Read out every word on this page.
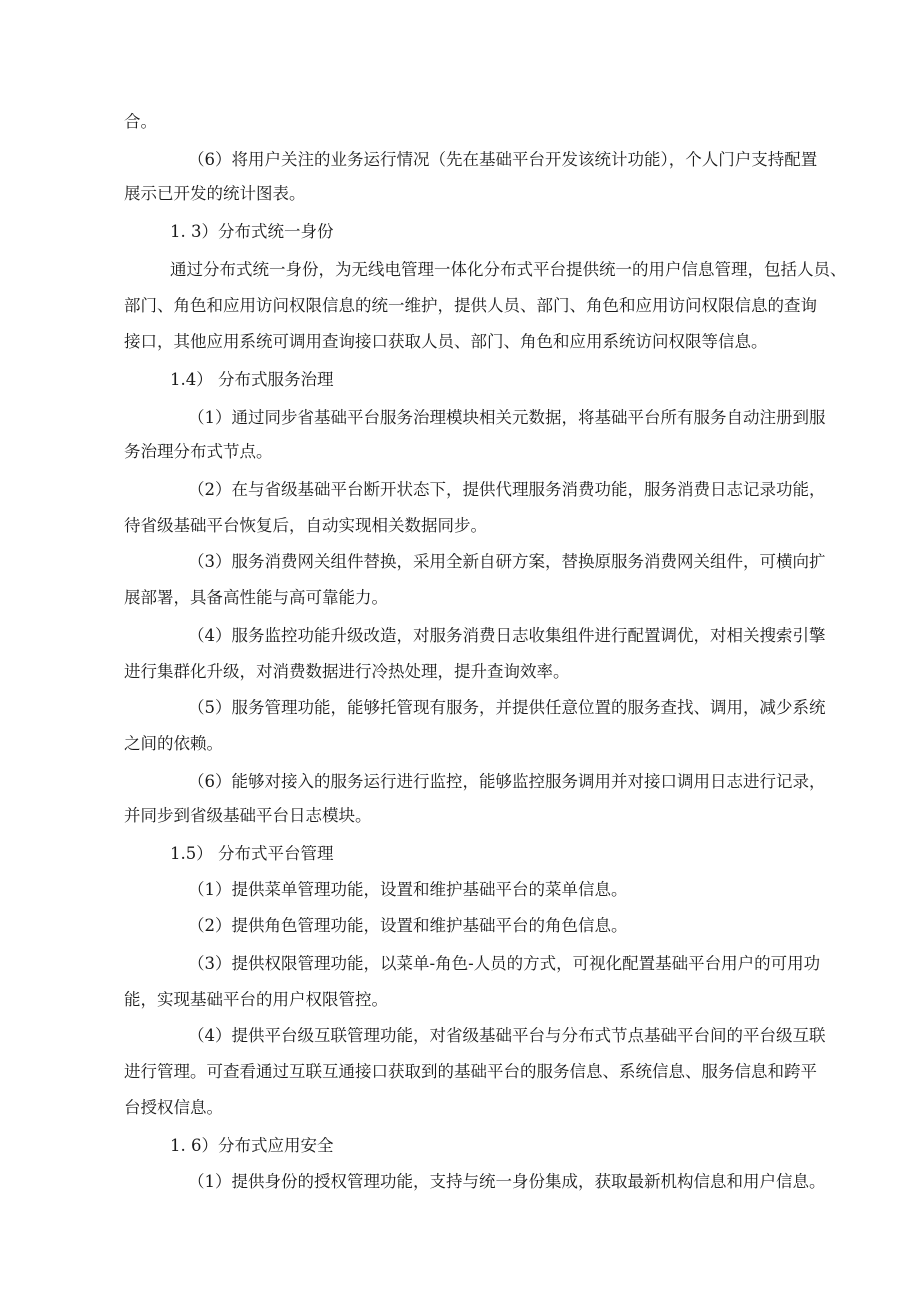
合。

（6）将用户关注的业务运行情况（先在基础平台开发该统计功能），个人门户支持配置

展示已开发的统计图表。

1. 3）分布式统一身份

通过分布式统一身份，为无线电管理一体化分布式平台提供统一的用户信息管理，包括人员、

部门、角色和应用访问权限信息的统一维护，提供人员、部门、角色和应用访问权限信息的查询

接口，其他应用系统可调用查询接口获取人员、部门、角色和应用系统访问权限等信息。

1.4） 分布式服务治理

（1）通过同步省基础平台服务治理模块相关元数据，将基础平台所有服务自动注册到服

务治理分布式节点。

（2）在与省级基础平台断开状态下，提供代理服务消费功能，服务消费日志记录功能，

待省级基础平台恢复后，自动实现相关数据同步。

（3）服务消费网关组件替换，采用全新自研方案，替换原服务消费网关组件，可横向扩

展部署，具备高性能与高可靠能力。

（4）服务监控功能升级改造，对服务消费日志收集组件进行配置调优，对相关搜索引擎

进行集群化升级，对消费数据进行冷热处理，提升查询效率。

（5）服务管理功能，能够托管现有服务，并提供任意位置的服务查找、调用，减少系统

之间的依赖。

（6）能够对接入的服务运行进行监控，能够监控服务调用并对接口调用日志进行记录，

并同步到省级基础平台日志模块。

1.5） 分布式平台管理

（1）提供菜单管理功能，设置和维护基础平台的菜单信息。

（2）提供角色管理功能，设置和维护基础平台的角色信息。

（3）提供权限管理功能，以菜单-角色-人员的方式，可视化配置基础平台用户的可用功

能，实现基础平台的用户权限管控。

（4）提供平台级互联管理功能，对省级基础平台与分布式节点基础平台间的平台级互联

进行管理。可查看通过互联互通接口获取到的基础平台的服务信息、系统信息、服务信息和跨平

台授权信息。

1. 6）分布式应用安全

（1）提供身份的授权管理功能，支持与统一身份集成，获取最新机构信息和用户信息。
